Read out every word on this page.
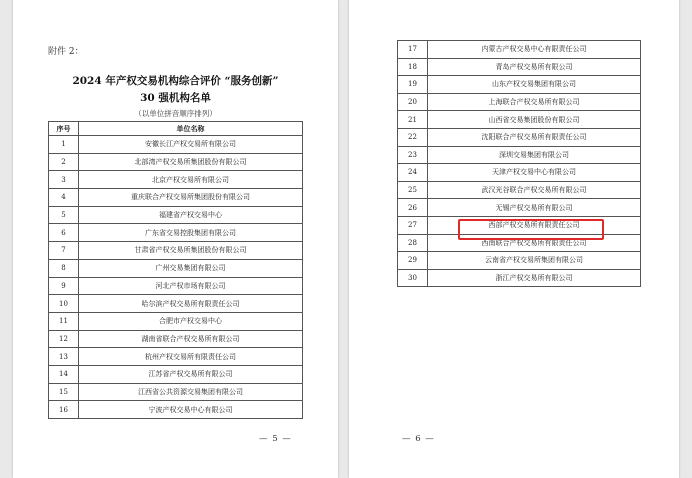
附件 2：
2024 年产权交易机构综合评价 “服务创新”
30 强机构名单
（以单位拼音顺序排列）
序号	单位名称
1	安徽长江产权交易所有限公司
2	北部湾产权交易所集团股份有限公司
3	北京产权交易所有限公司
4	重庆联合产权交易所集团股份有限公司
5	福建省产权交易中心
6	广东省交易控股集团有限公司
7	甘肃省产权交易所集团股份有限公司
8	广州交易集团有限公司
9	河北产权市场有限公司
10	哈尔滨产权交易所有限责任公司
11	合肥市产权交易中心
12	湖南省联合产权交易所有限公司
13	杭州产权交易所有限责任公司
14	江苏省产权交易所有限公司
15	江西省公共资源交易集团有限公司
16	宁波产权交易中心有限公司
— 5 —
17	内蒙古产权交易中心有限责任公司
18	青岛产权交易所有限公司
19	山东产权交易集团有限公司
20	上海联合产权交易所有限公司
21	山西省交易集团股份有限公司
22	沈阳联合产权交易所有限责任公司
23	深圳交易集团有限公司
24	天津产权交易中心有限公司
25	武汉光谷联合产权交易所有限公司
26	无锡产权交易所有限公司
27	西部产权交易所有限责任公司
28	西南联合产权交易所有限责任公司
29	云南省产权交易所集团有限公司
30	浙江产权交易所有限公司
— 6 —
